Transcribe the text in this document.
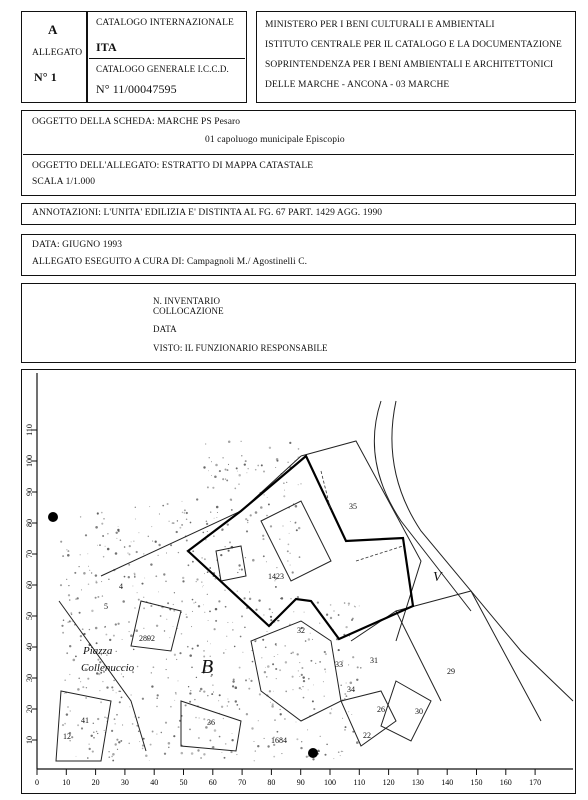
A
ALLEGATO
N° 1
CATALOGO INTERNAZIONALE
ITA
CATALOGO GENERALE I.C.C.D.
N° 11/00047595
MINISTERO PER I BENI CULTURALI E AMBIENTALI
ISTITUTO CENTRALE PER IL CATALOGO E LA DOCUMENTAZIONE
SOPRINTENDENZA PER I BENI AMBIENTALI E ARCHITETTONICI
DELLE MARCHE - ANCONA - 03 MARCHE
OGGETTO DELLA SCHEDA: MARCHE PS Pesaro
01 capoluogo municipale Episcopio
OGGETTO DELL'ALLEGATO: ESTRATTO DI MAPPA CATASTALE
SCALA 1/1.000
ANNOTAZIONI: L'UNITA' EDILIZIA E' DISTINTA AL FG. 67 PART. 1429 AGG. 1990
DATA: GIUGNO 1993
ALLEGATO ESEGUITO A CURA DI: Campagnoli M./ Agostinelli C.
N. INVENTARIO
COLLOCAZIONE
DATA
VISTO: IL FUNZIONARIO RESPONSABILE
0	10	20	30	40	50	60	70	80	90 100 110 120 130 140 150 160 170
10
20
30
40
50
60
70
80
90
100
110
1423
35
32
33	31
34
26	30
29
2892
36
41
12	22
1684
5
4
B
V
Piazza
Collenuccio
